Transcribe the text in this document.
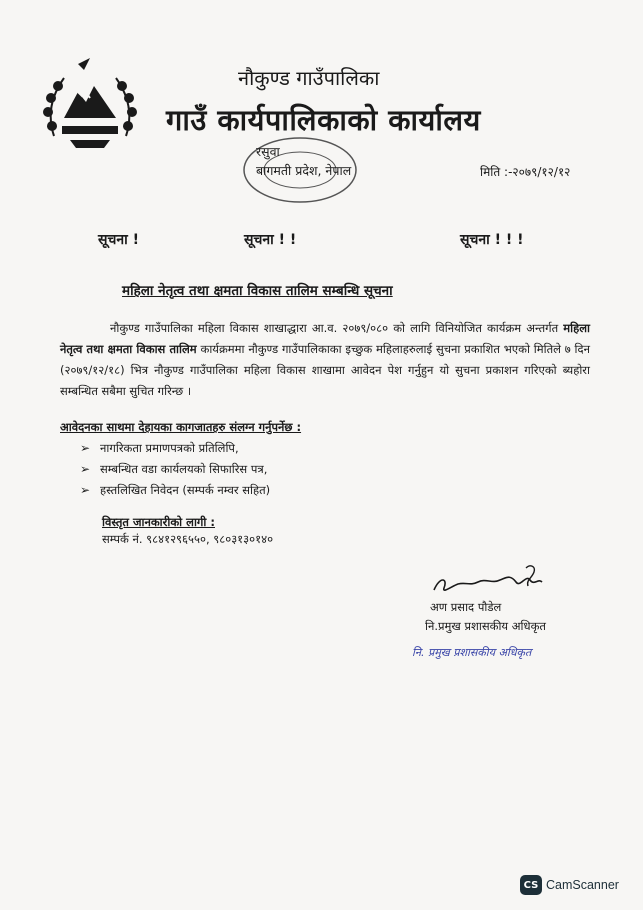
नौकुण्ड गाउँपालिका
गाउँ कार्यपालिकाको कार्यालय
रसुवा
बागमती प्रदेश, नेपाल	मिति :-२०७९/१२/१२
सूचना !	सूचना ! !	सूचना ! ! !
महिला नेतृत्व तथा क्षमता विकास तालिम सम्बन्धि सूचना

नौकुण्ड गाउँपालिका महिला विकास शाखाद्धारा आ.व. २०७९/०८० को लागि विनियोजित कार्यक्रम अन्तर्गत महिला नेतृत्व तथा क्षमता विकास तालिम कार्यक्रममा नौकुण्ड गाउँपालिकाका इच्छुक महिलाहरुलाई सुचना प्रकाशित भएको मितिले ७ दिन (२०७९/१२/१८) भित्र नौकुण्ड गाउँपालिका महिला विकास शाखामा आवेदन पेश गर्नुहुन यो सुचना प्रकाशन गरिएको ब्यहोरा सम्बन्धित सबैमा सुचित गरिन्छ ।

आवेदनका साथमा देहायका कागजातहरु संलग्न गर्नुपर्नेछ :
➢ नागरिकता प्रमाणपत्रको प्रतिलिपि,
➢ सम्बन्धित वडा कार्यलयको सिफारिस पत्र,
➢ हस्तलिखित निवेदन (सम्पर्क नम्वर सहित)
विस्तृत जानकारीको लागी :
सम्पर्क नं. ९८४१२९६५५०, ९८०३१३०१४०
अण प्रसाद पौडेल
नि.प्रमुख प्रशासकीय अधिकृत
नि. प्रमुख प्रशासकीय अधिकृत
CS CamScanner
